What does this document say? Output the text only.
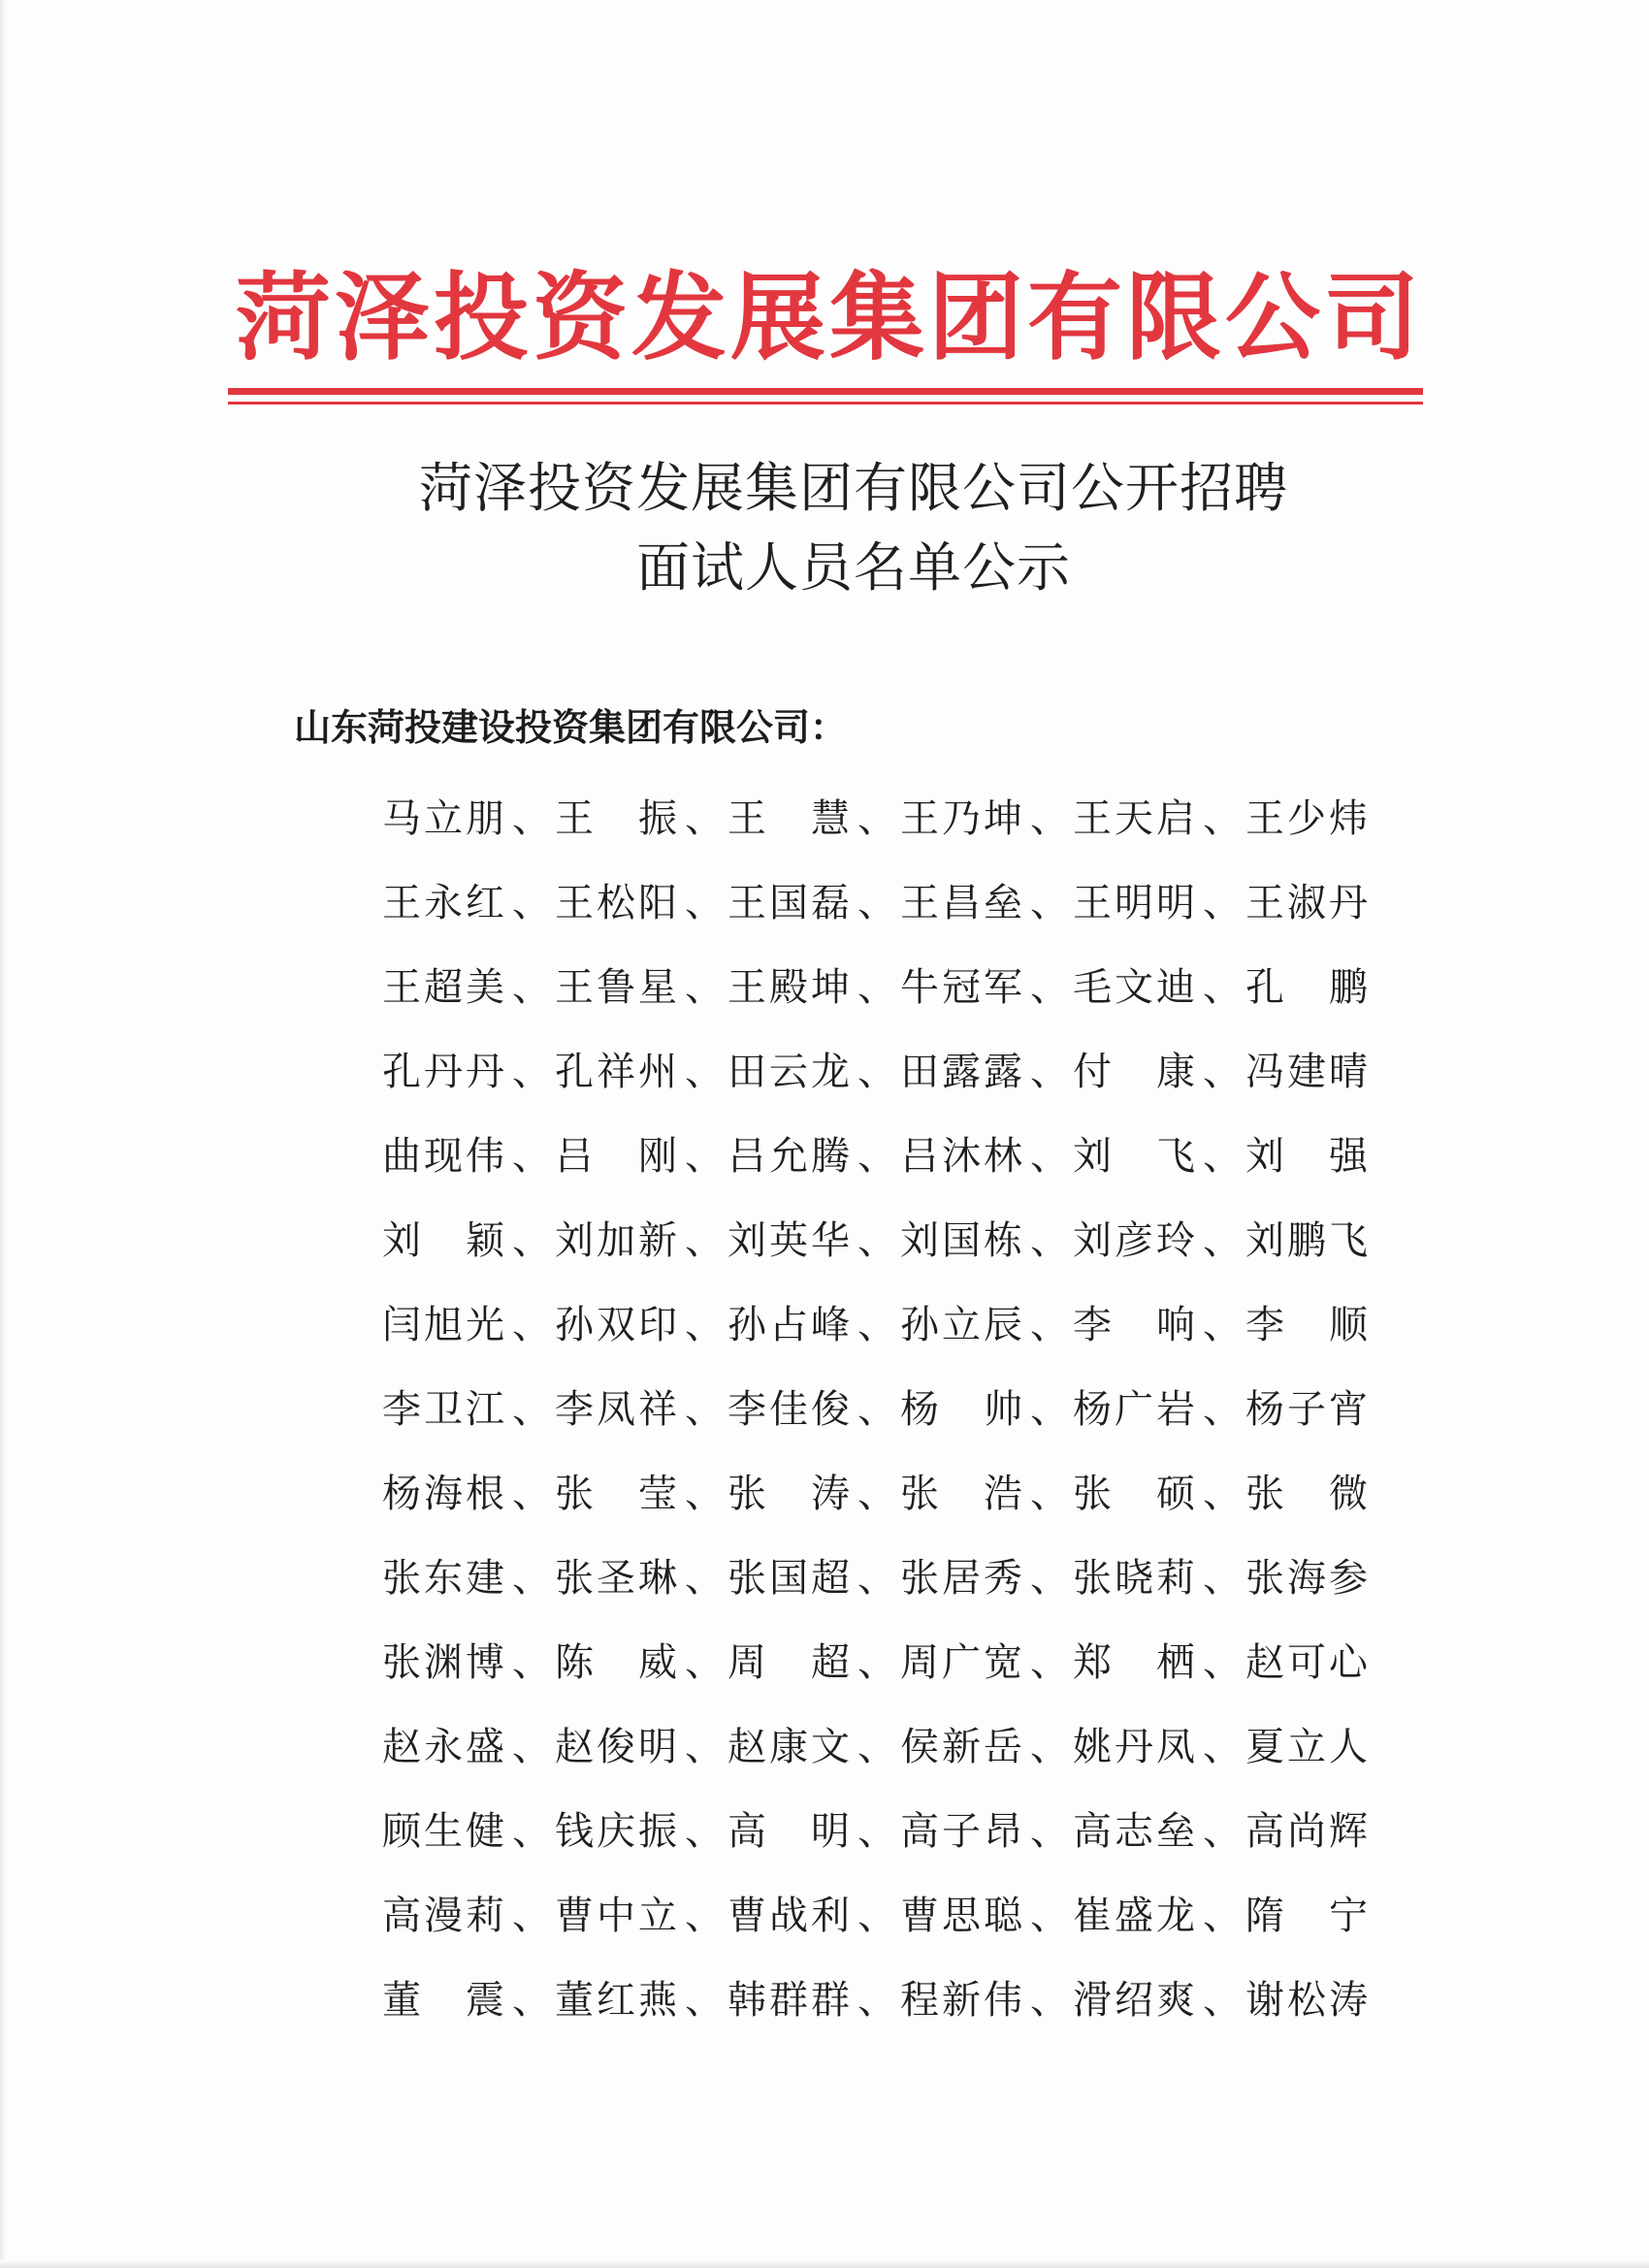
菏泽投资发展集团有限公司
菏泽投资发展集团有限公司公开招聘
面试人员名单公示
山东菏投建设投资集团有限公司：
马立朋 、 王　振 、 王　慧 、 王乃坤 、 王天启 、 王少炜
王永红 、 王松阳 、 王国磊 、 王昌垒 、 王明明 、 王淑丹
王超美 、 王鲁星 、 王殿坤 、 牛冠军 、 毛文迪 、 孔　鹏
孔丹丹 、 孔祥州 、 田云龙 、 田露露 、 付　康 、 冯建晴
曲现伟 、 吕　刚 、 吕允腾 、 吕沐林 、 刘　飞 、 刘　强
刘　颖 、 刘加新 、 刘英华 、 刘国栋 、 刘彦玲 、 刘鹏飞
闫旭光 、 孙双印 、 孙占峰 、 孙立辰 、 李　响 、 李　顺
李卫江 、 李凤祥 、 李佳俊 、 杨　帅 、 杨广岩 、 杨子宵
杨海根 、 张　莹 、 张　涛 、 张　浩 、 张　硕 、 张　微
张东建 、 张圣琳 、 张国超 、 张居秀 、 张晓莉 、 张海参
张渊博 、 陈　威 、 周　超 、 周广宽 、 郑　栖 、 赵可心
赵永盛 、 赵俊明 、 赵康文 、 侯新岳 、 姚丹凤 、 夏立人
顾生健 、 钱庆振 、 高　明 、 高子昂 、 高志垒 、 高尚辉
高漫莉 、 曹中立 、 曹战利 、 曹思聪 、 崔盛龙 、 隋　宁
董　震 、 董红燕 、 韩群群 、 程新伟 、 滑绍爽 、 谢松涛
